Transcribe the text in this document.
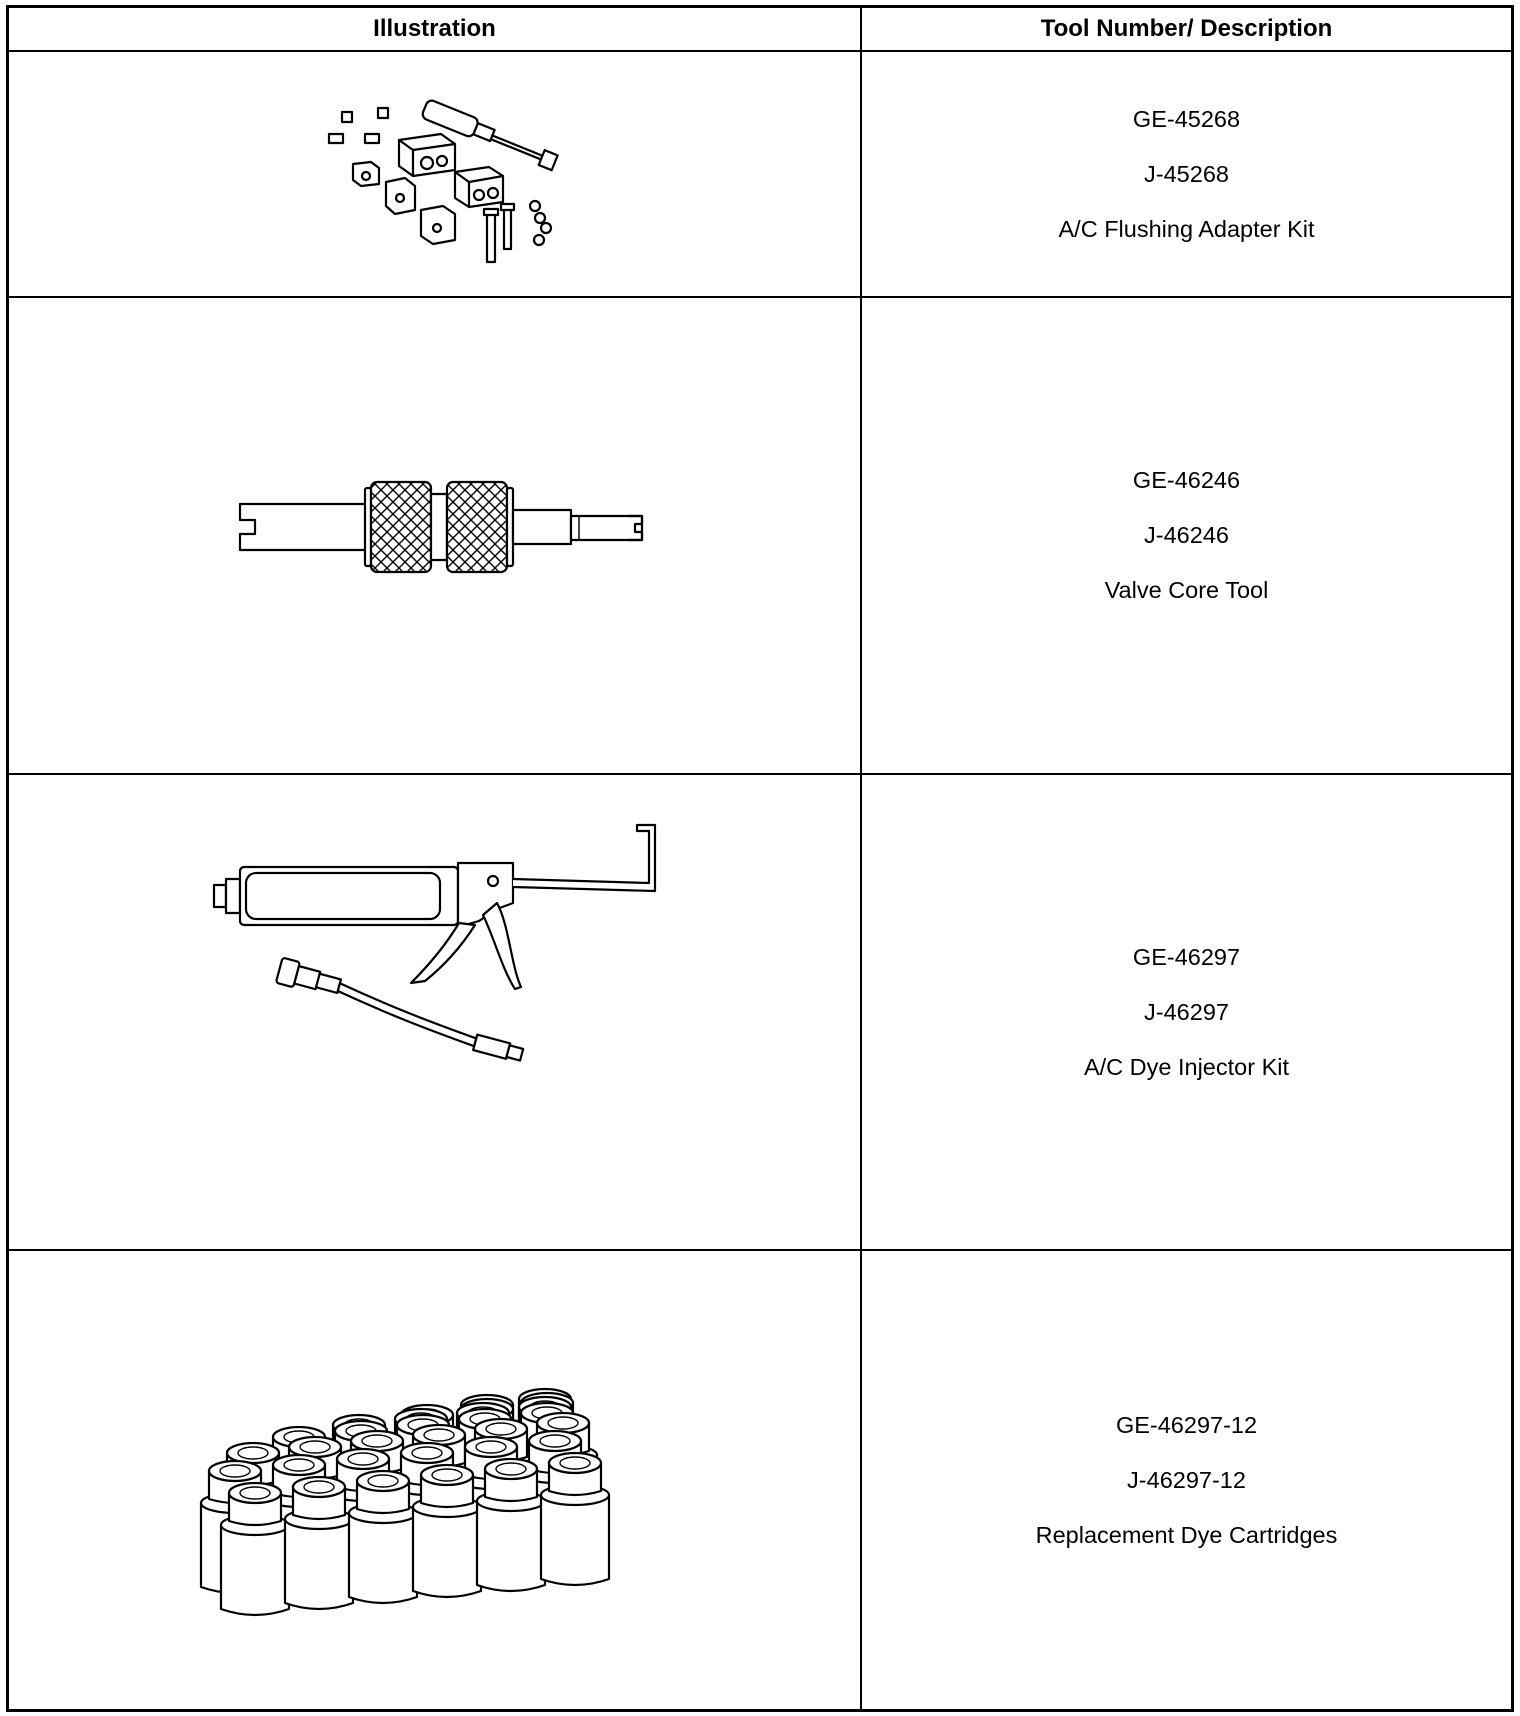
Illustration	Tool Number/ Description
GE-45268
J-45268
A/C Flushing Adapter Kit
GE-46246
J-46246
Valve Core Tool
GE-46297
J-46297
A/C Dye Injector Kit
GE-46297-12
J-46297-12
Replacement Dye Cartridges
